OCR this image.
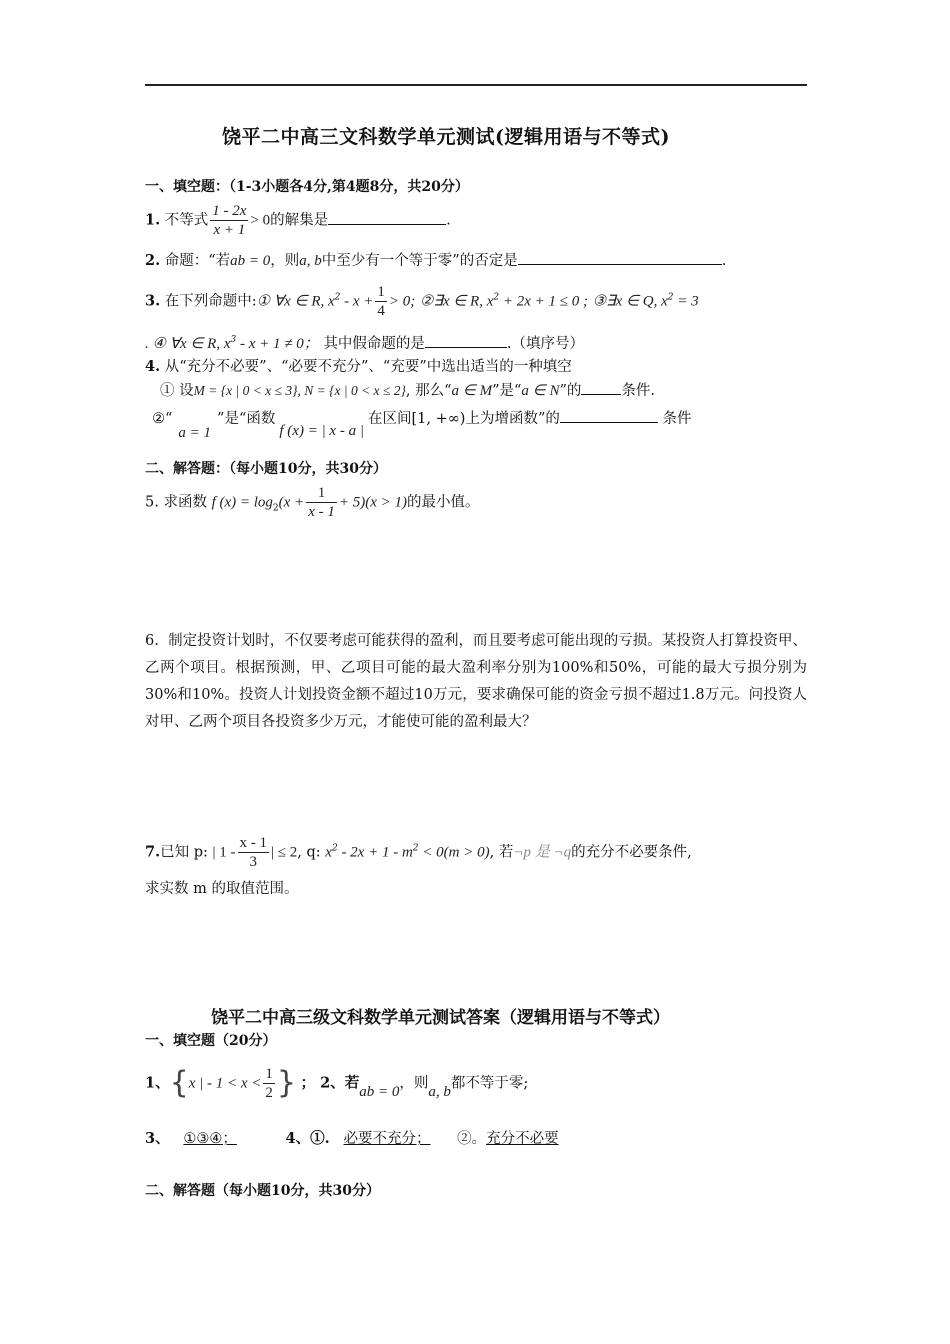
饶平二中高三文科数学单元测试(逻辑用语与不等式)
一、填空题：（1-3小题各4分,第4题8分，共20分）
1. 不等式 $\frac{1 - 2x}{x + 1} > 0$的解集是	.
2. 命题：“若ab = 0，则a, b中至少有一个等于零”的否定是	.
3. 在下列命题中:① ∀x ∈ R, $x^2 - x + \frac{1}{4} > 0$; ②∃x ∈ R, $x^2 + 2x + 1 \le 0$ ; ③∃x ∈ Q, $x^2 = 3$
. ④ ∀x ∈ R, $x^3 - x + 1 \ne 0$； 其中假命题的是	.（填序号）
4. 从“充分不必要”、“必要不充分”、“充要”中选出适当的一种填空
① 设M = {x | 0 < x ≤ 3}, N = {x | 0 < x ≤ 2}, 那么“a ∈ M”是“a ∈ N”的	条件.
②“a = 1”是“函数f (x) = | x - a |在区间[1, +∞)上为增函数”的	条件
二、解答题：（每小题10分，共30分）
5. 求函数 f $(x) = \log_2(x + \frac{1}{x - 1} + 5)(x > 1)$的最小值。
6. 制定投资计划时，不仅要考虑可能获得的盈利，而且要考虑可能出现的亏损。某投资人打算投资甲、乙两个项目。根据预测，甲、乙项目可能的最大盈利率分别为100%和50%，可能的最大亏损分别为30%和10%。投资人计划投资金额不超过10万元，要求确保可能的资金亏损不超过1.8万元。问投资人对甲、乙两个项目各投资多少万元，才能使可能的盈利最大？
7.已知 p: | $1 - \frac{x - 1}{3}$ | ≤ 2, q: $x^2 - 2x + 1 - m^2 < 0(m > 0)$, 若¬p 是 ¬q的充分不必要条件,
求实数 m 的取值范围。
饶平二中高三级文科数学单元测试答案（逻辑用语与不等式）
一、填空题（20分）
1、{x | - $1 < x < \frac{1}{2}$ } ； 2、若ab = 0，则a, b都不等于零;
3、 ①③④；	4、①. 必要不充分； ②。充分不必要
二、解答题（每小题10分，共30分）
